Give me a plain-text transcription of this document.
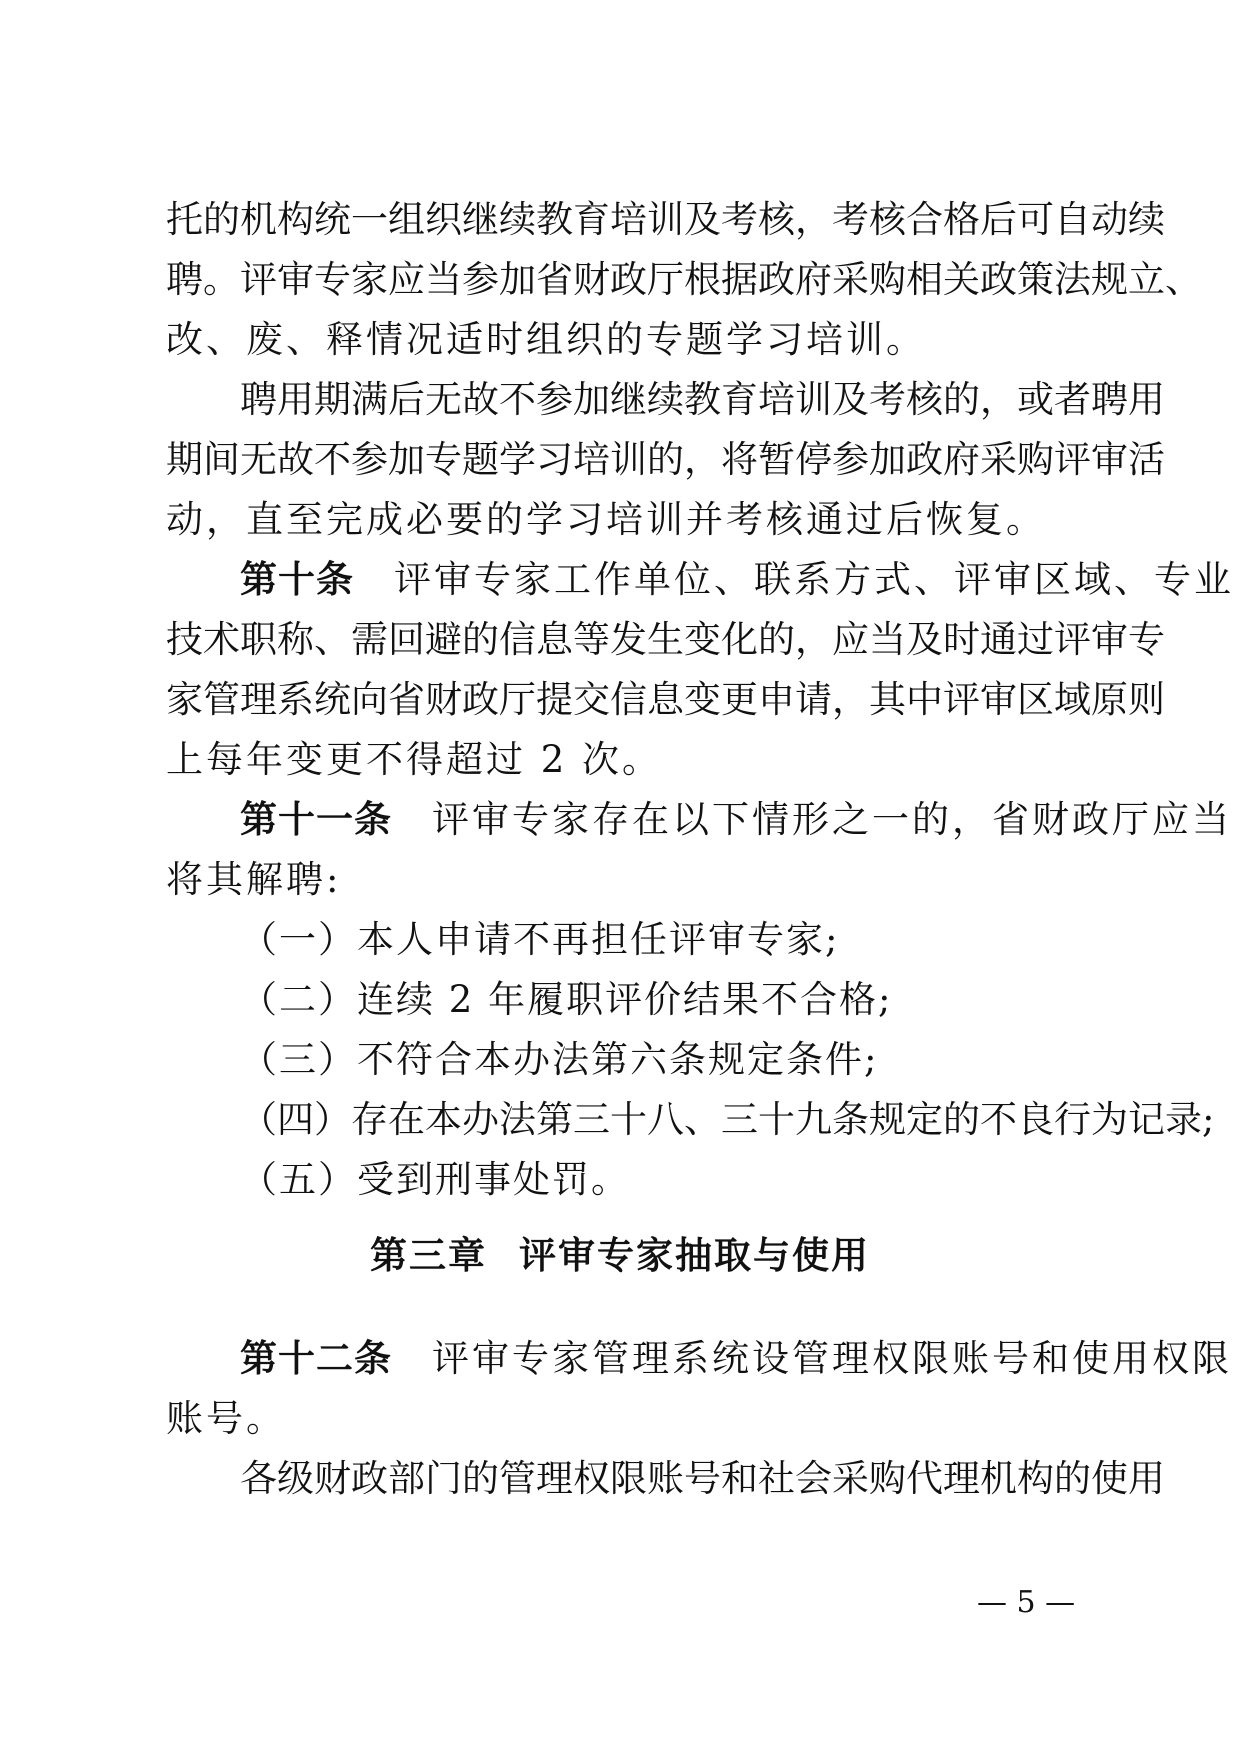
托的机构统一组织继续教育培训及考核，考核合格后可自动续
聘。评审专家应当参加省财政厅根据政府采购相关政策法规立、
改、废、释情况适时组织的专题学习培训。
聘用期满后无故不参加继续教育培训及考核的，或者聘用
期间无故不参加专题学习培训的，将暂停参加政府采购评审活
动，直至完成必要的学习培训并考核通过后恢复。
第十条 评审专家工作单位、联系方式、评审区域、专业
技术职称、需回避的信息等发生变化的，应当及时通过评审专
家管理系统向省财政厅提交信息变更申请，其中评审区域原则
上每年变更不得超过 2 次。
第十一条 评审专家存在以下情形之一的，省财政厅应当
将其解聘:
（一）本人申请不再担任评审专家;
（二）连续 2 年履职评价结果不合格;
（三）不符合本办法第六条规定条件;
（四）存在本办法第三十八、三十九条规定的不良行为记录;
（五）受到刑事处罚。
第三章 评审专家抽取与使用
第十二条 评审专家管理系统设管理权限账号和使用权限
账号。
各级财政部门的管理权限账号和社会采购代理机构的使用
— 5 —
